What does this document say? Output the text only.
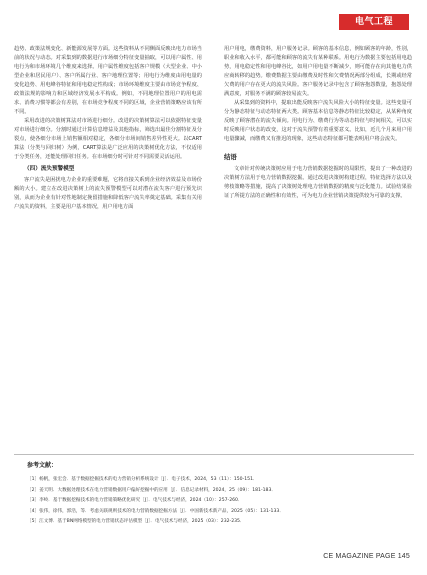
电气工程

趋势、政策法规变化、新能源发展等方面。这些资料从不同侧面反映出电力市场当前的状况与动态。对采集到的数据进行市场细分特征变量抽取，可以用户属性、用电行为和市场环境几个维度来选择。用户属性维度包括客户规模（大型企业、中小型企业和居民用户）、客户所属行业、客户地理位置等；用电行为维度由用电量的变化趋势、用电峰谷特征和用电稳定性构成；市场环境维度主要由市场竞争程度、政策法规的影响力和区域经济发展水平构成。例如，不同地理位置用户的用电需求、消费习惯等都会有差别，在市场竞争程度不同的区域，企业营销策略应该有所不同。

采用改进的决策树算法对市场进行细分。改进的决策树算法可以依据特征变量对市场进行细分。分割时通过计算信息增益及其他指标，筛选出最佳分割特征及分裂点，使各细分市场上销售额相对稳定，各细分市场间销售差异性更大。以CART算法（分类与回归树）为例，CART算法是广泛应用的决策树优化方法，不仅适用于分类任务，还能处理回归任务。在市场细分时可针对不同需要灵活运用。

（四）流失预警模型

客户流失是困扰电力企业的重要难题，它将直接关系到企业经济效益及市场份额的大小。建立在改进决策树上的流失预警模型可以对潜在流失客户进行预先识别，从而为企业有针对性地制定挽留措施和降低客户流失率奠定基础。采集有关用户流失的资料，主要是用户基本情况，用户用电方面

用户用电，缴费资料，用户服务记录。顾客的基本信息，例如顾客的年龄，性别，职业和收入水平，都可能和顾客的流失有某种联系。用电行为数据主要包括用电趋势，用电稳定性和用电峰谷比，如用户用电量不断减少，则可能存在向其他电力供应商转移的趋势。缴费数据主要由缴费及时性和欠费情况两部分组成，长期或经常欠费的用户存在更大的流失风险。客户服务记录中包含了顾客抱怨数量，抱怨处理满意度，对服务不满的顾客较易流失。

从采集到的资料中，提取出能反映客户流失风险大小的特征变量。这些变量可分为静态特征与动态特征两大类。顾客基本信息等静态特征比较稳定，从某种角度反映了顾客潜在的流失倾向。用电行为、缴费行为等动态特征与时间相关，可以实时反映用户状态的改变，这对于流失预警有着重要意义。比如，近几个月来用户用电量骤减，而缴费又有推迟的现象，这些动态特征都可能表明用户将会流失。

结语

文章针对传统决策树应用于电力营销数据挖掘时的局限性，提出了一种改进的决策树方法用于电力营销数据挖掘。通过改进决策树构建过程，特征选择方法以及剪枝策略等措施，提高了决策树处理电力营销数据的精度与泛化能力。试验结果验证了所提方法的正确性和有效性，可为电力企业营销决策提供较为可靠的支撑。

参考文献：
［1］杨帆，张宏会．基于数据挖掘技术的电力营销分析系统设计［J］．电子技术，2024，53（11）：150-151．
［2］姜天明．大数据处理技术在电力营销数据用户偏好挖掘中的应用［J］．信息记录材料，2024，25（09）：181-183．
［3］李岭．基于数据挖掘技术的电力营销策略优化研究［J］．电气技术与经济，2024（10）：257-260．
［4］张伟，徐伟，郭浩，等．考虑关联规则技术的电力营销数据挖掘方法［J］．中国新技术新产品，2025（05）：131-133．
［5］江文博．基于BN网络模型的电力营销状态评估模型［J］．电气技术与经济，2025（03）：232-235．
CE MAGAZINE PAGE 145
